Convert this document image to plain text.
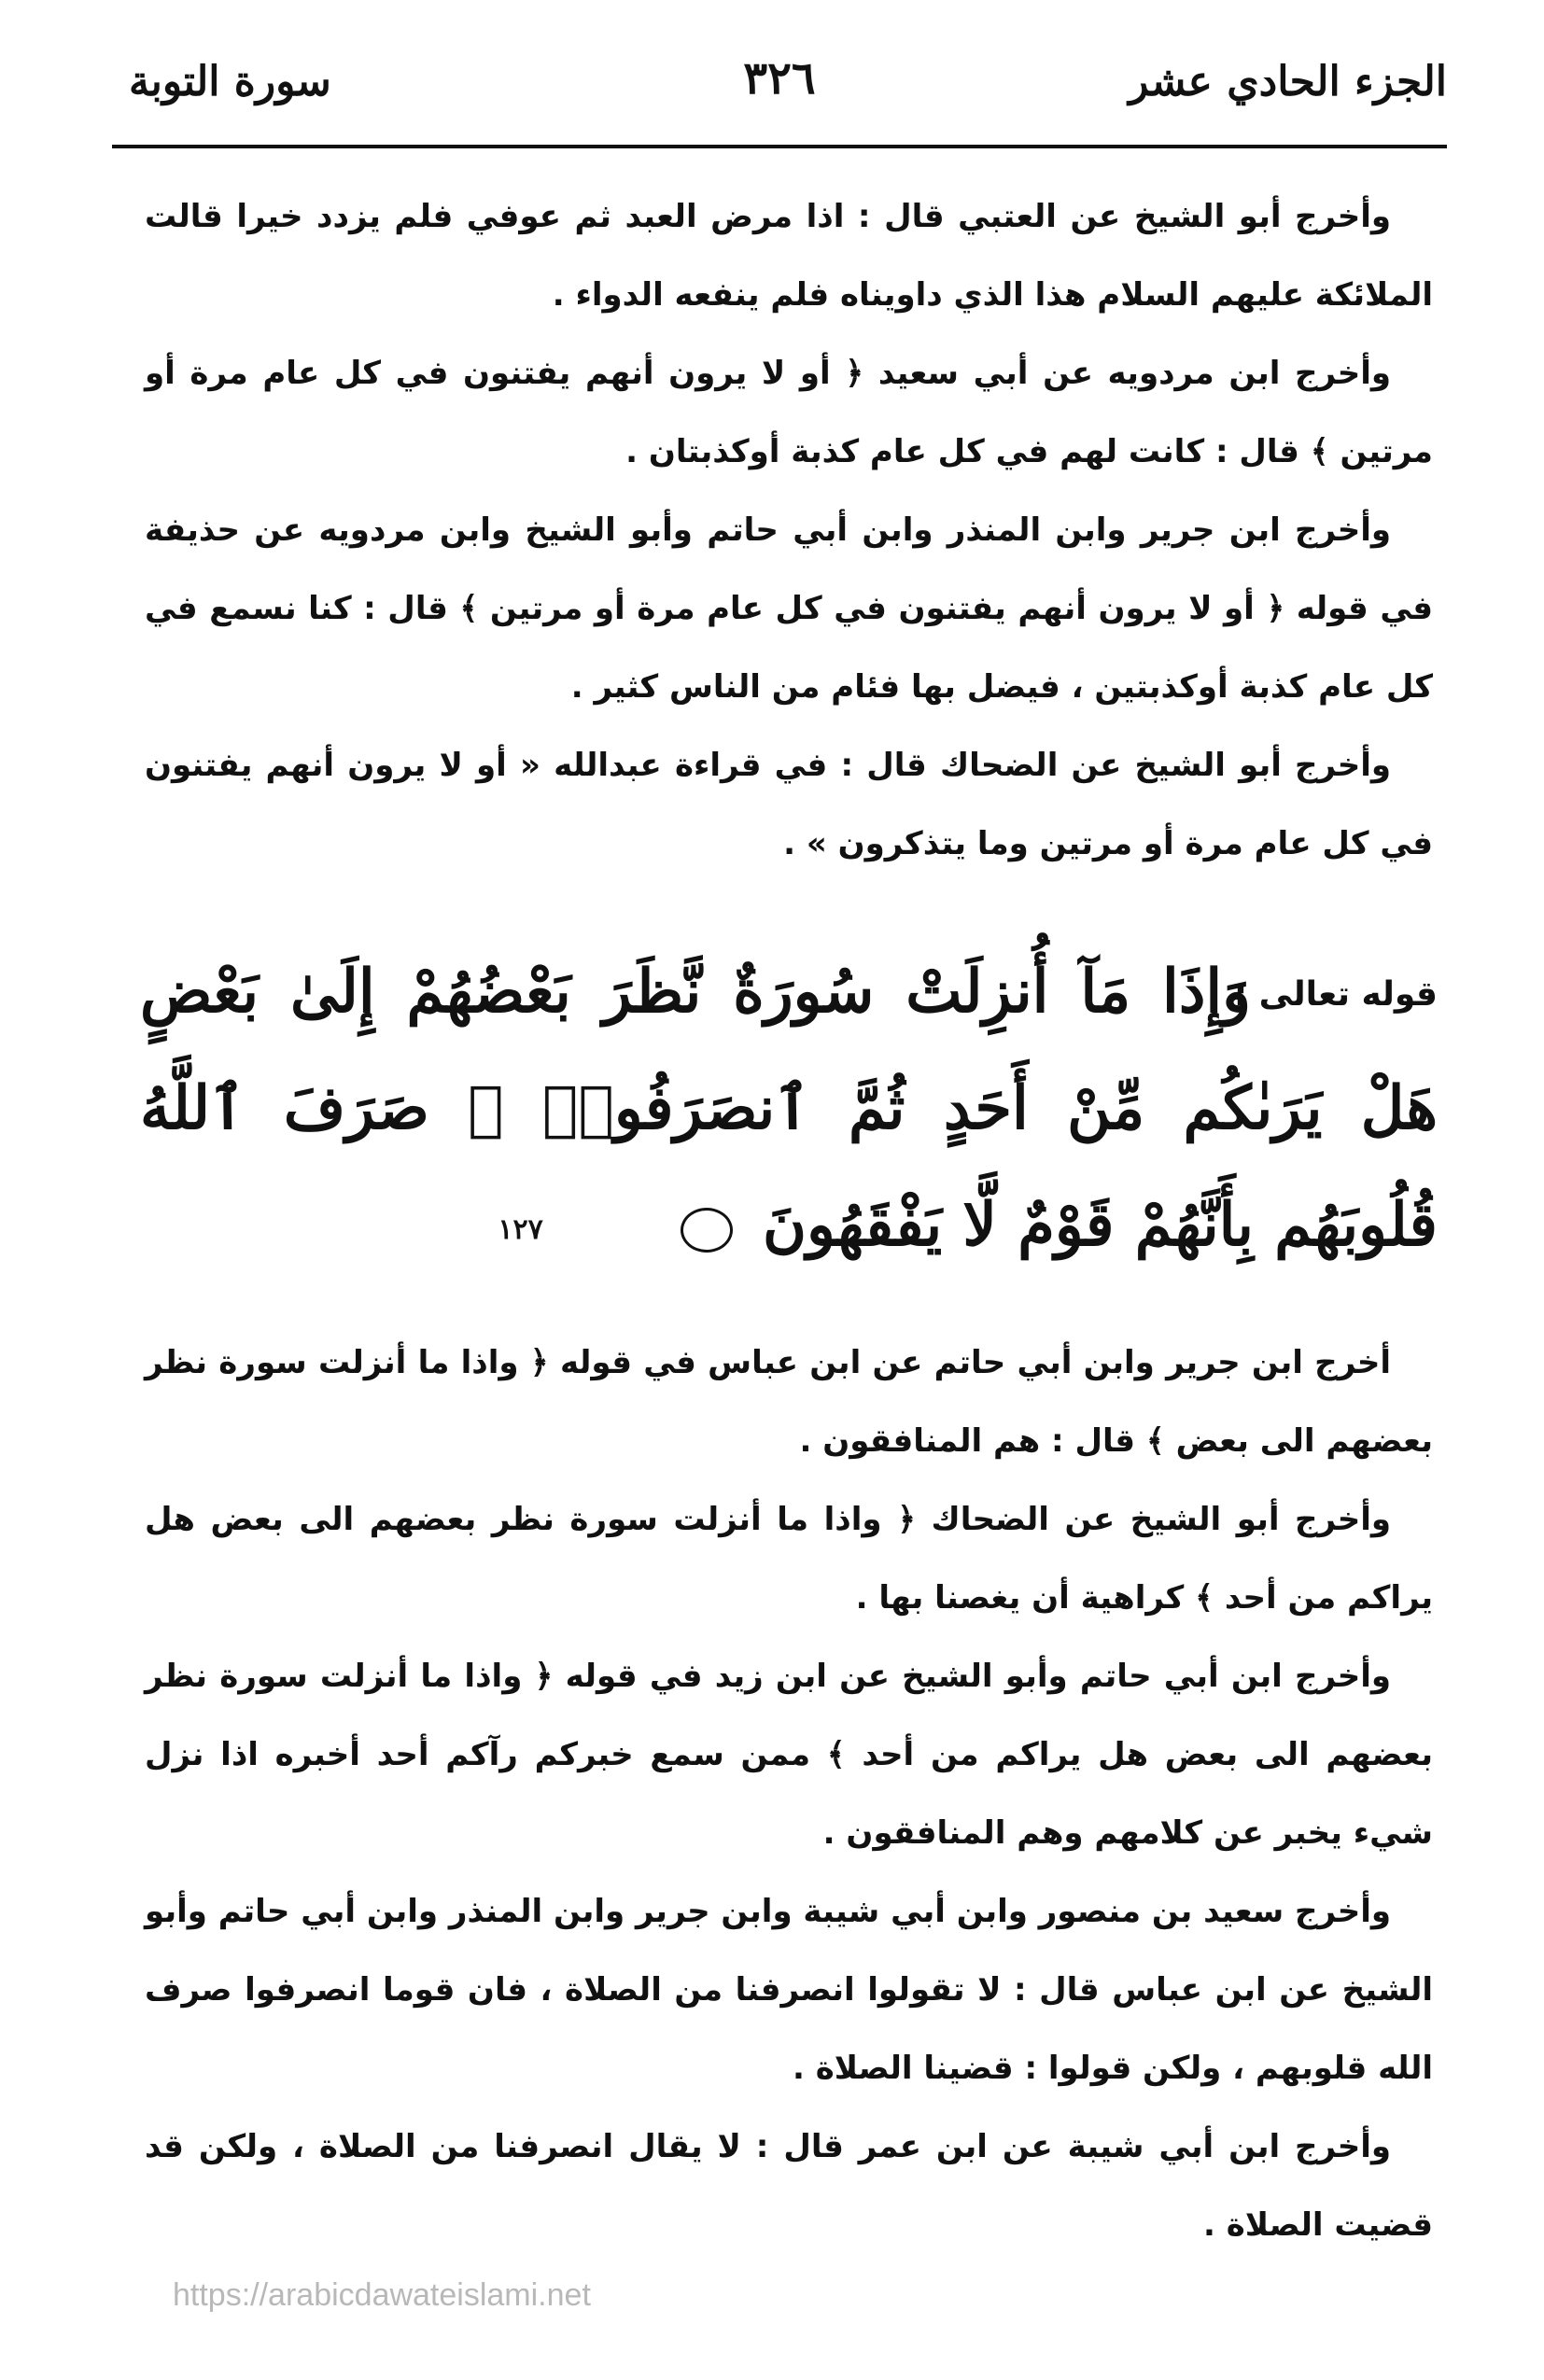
الجزء الحادي عشر
٣٢٦
سورة التوبة

وأخرج أبو الشيخ عن العتبي قال : اذا مرض العبد ثم عوفي فلم يزدد خيرا قالت الملائكة عليهم السلام هذا الذي داويناه فلم ينفعه الدواء .

وأخرج ابن مردويه عن أبي سعيد ﴿ أو لا يرون أنهم يفتنون في كل عام مرة أو مرتين ﴾ قال : كانت لهم في كل عام كذبة أوكذبتان .

وأخرج ابن جرير وابن المنذر وابن أبي حاتم وأبو الشيخ وابن مردويه عن حذيفة في قوله ﴿ أو لا يرون أنهم يفتنون في كل عام مرة أو مرتين ﴾ قال : كنا نسمع في كل عام كذبة أوكذبتين ، فيضل بها فئام من الناس كثير .

وأخرج أبو الشيخ عن الضحاك قال : في قراءة عبدالله « أو لا يرون أنهم يفتنون في كل عام مرة أو مرتين وما يتذكرون » .

قوله تعالى :
وَإِذَا مَآ أُنزِلَتْ سُورَةٌ نَّظَرَ بَعْضُهُمْ إِلَىٰ بَعْضٍ هَلْ يَرَىٰكُم مِّنْ أَحَدٍ ثُمَّ ٱنصَرَفُوا۟ ۚ صَرَفَ ٱللَّهُ قُلُوبَهُم بِأَنَّهُمْ قَوْمٌ لَّا يَفْقَهُونَ ١٢٧

أخرج ابن جرير وابن أبي حاتم عن ابن عباس في قوله ﴿ واذا ما أنزلت سورة نظر بعضهم الى بعض ﴾ قال : هم المنافقون .

وأخرج أبو الشيخ عن الضحاك ﴿ واذا ما أنزلت سورة نظر بعضهم الى بعض هل يراكم من أحد ﴾ كراهية أن يغصنا بها .

وأخرج ابن أبي حاتم وأبو الشيخ عن ابن زيد في قوله ﴿ واذا ما أنزلت سورة نظر بعضهم الى بعض هل يراكم من أحد ﴾ ممن سمع خبركم رآكم أحد أخبره اذا نزل شيء يخبر عن كلامهم وهم المنافقون .

وأخرج سعيد بن منصور وابن أبي شيبة وابن جرير وابن المنذر وابن أبي حاتم وأبو الشيخ عن ابن عباس قال : لا تقولوا انصرفنا من الصلاة ، فان قوما انصرفوا صرف الله قلوبهم ، ولكن قولوا : قضينا الصلاة .

وأخرج ابن أبي شيبة عن ابن عمر قال : لا يقال انصرفنا من الصلاة ، ولكن قد قضيت الصلاة .

https://arabicdawateislami.net
